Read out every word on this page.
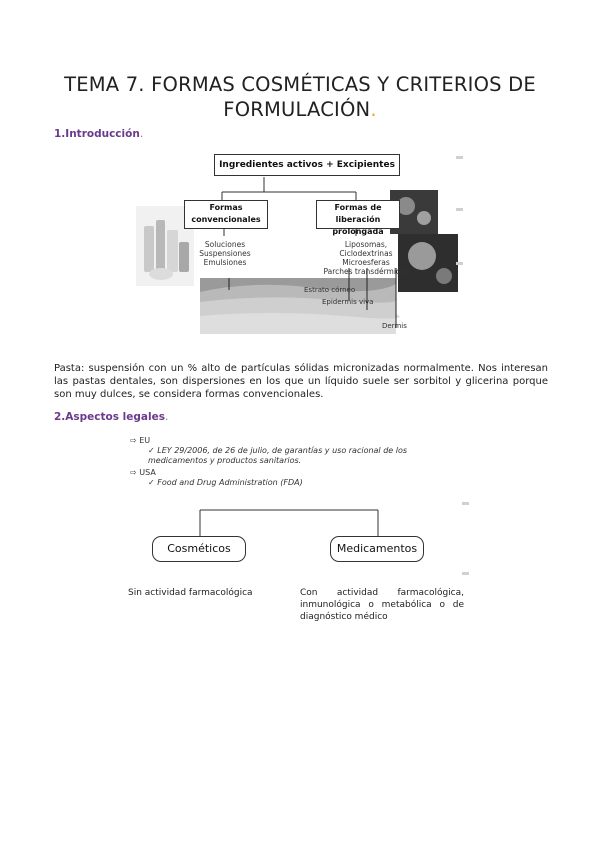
TEMA 7. FORMAS COSMÉTICAS Y CRITERIOS DE
FORMULACIÓN.
1.Introducción.
Ingredientes activos + Excipientes
Formas convencionales
Formas de liberación prolongada
Soluciones
Suspensiones
Emulsiones
Liposomas, Ciclodextrinas
Microesferas
Parches transdérmicos
Estrato córneo
Epidermis viva
Dermis
Pasta: suspensión con un % alto de partículas sólidas micronizadas normalmente. Nos interesan las pastas dentales, son dispersiones en los que un líquido suele ser sorbitol y glicerina porque son muy dulces, se considera formas convencionales.
2.Aspectos legales.
⇨ EU
✓ LEY 29/2006, de 26 de julio, de garantías y uso racional de los medicamentos y productos sanitarios.
⇨ USA
✓ Food and Drug Administration (FDA)
Cosméticos	Medicamentos
Sin actividad farmacológica	Con actividad farmacológica, inmunológica o metabólica o de diagnóstico médico
